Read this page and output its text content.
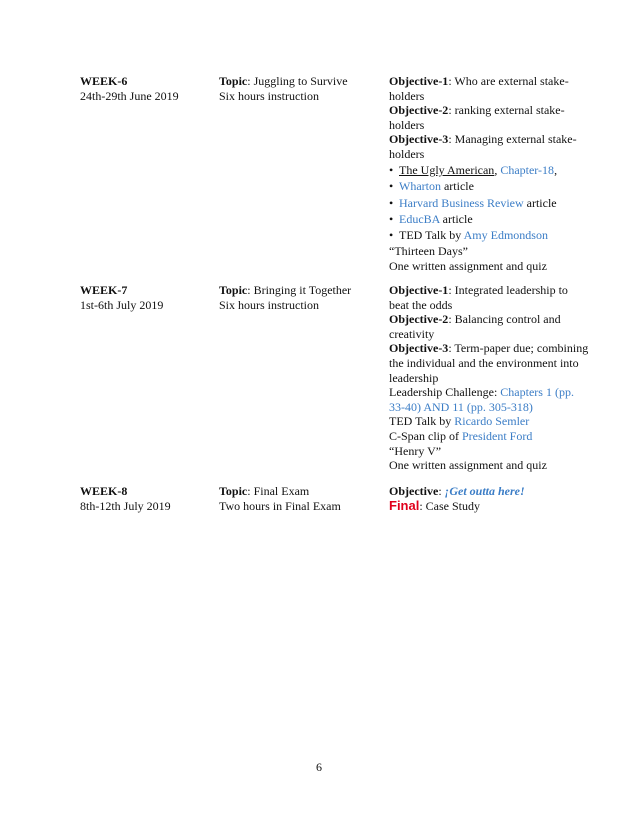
WEEK-6
24th-29th June 2019
Topic: Juggling to Survive
Six hours instruction
Objective-1: Who are external stake-
holders
Objective-2: ranking external stake-
holders
Objective-3: Managing external stake-
holders
• The Ugly American, Chapter-18,
• Wharton article
• Harvard Business Review article
• EducBA article
• TED Talk by Amy Edmondson
“Thirteen Days”
One written assignment and quiz
WEEK-7
1st-6th July 2019
Topic: Bringing it Together
Six hours instruction
Objective-1: Integrated leadership to
beat the odds
Objective-2: Balancing control and
creativity
Objective-3: Term-paper due; combining
the individual and the environment into
leadership
Leadership Challenge: Chapters 1 (pp.
33-40) AND 11 (pp. 305-318)
TED Talk by Ricardo Semler
C-Span clip of President Ford
“Henry V”
One written assignment and quiz
WEEK-8
8th-12th July 2019
Topic: Final Exam
Two hours in Final Exam
Objective: ¡Get outta here!
Final: Case Study
6
